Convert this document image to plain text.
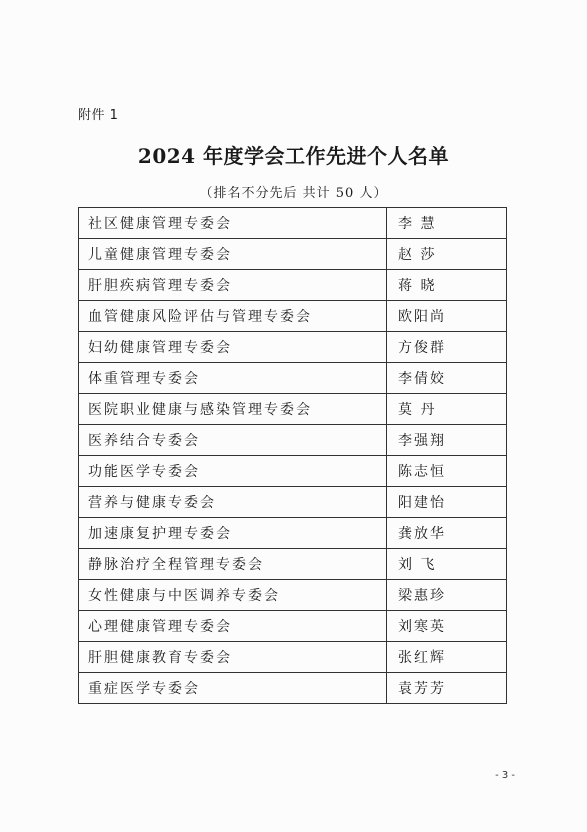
附件 1
2024 年度学会工作先进个人名单
（排名不分先后 共计 50 人）
社区健康管理专委会	李 慧
儿童健康管理专委会	赵 莎
肝胆疾病管理专委会	蒋 晓
血管健康风险评估与管理专委会	欧阳尚
妇幼健康管理专委会	方俊群
体重管理专委会	李倩姣
医院职业健康与感染管理专委会	莫 丹
医养结合专委会	李强翔
功能医学专委会	陈志恒
营养与健康专委会	阳建怡
加速康复护理专委会	龚放华
静脉治疗全程管理专委会	刘 飞
女性健康与中医调养专委会	梁惠珍
心理健康管理专委会	刘寒英
肝胆健康教育专委会	张红辉
重症医学专委会	袁芳芳
- 3 -
